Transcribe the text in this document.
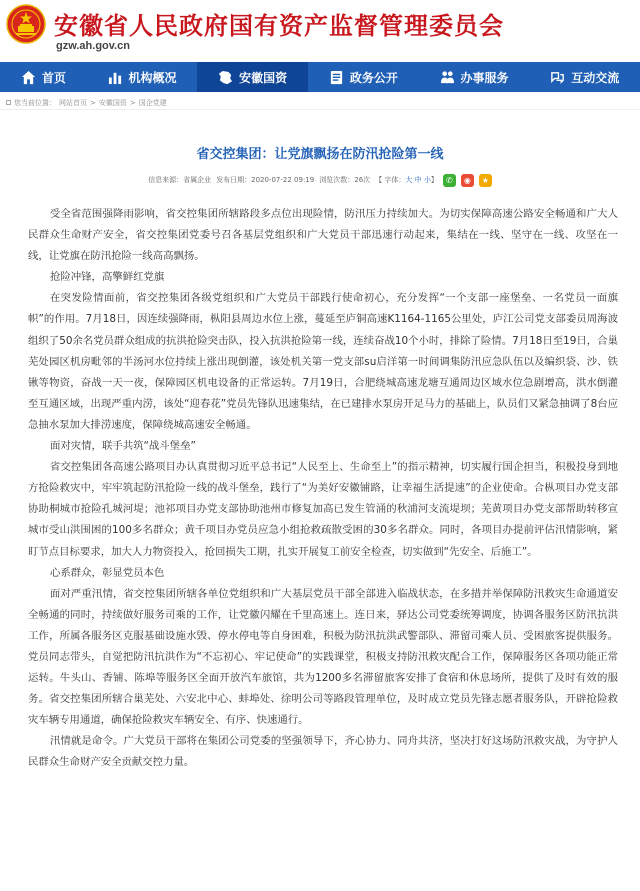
安徽省人民政府国有资产监督管理委员会
gzw.ah.gov.cn
首页	机构概况	安徽国资	政务公开	办事服务	互动交流
您当前位置： 网站首页 > 安徽国资 > 国企党建
省交控集团：让党旗飘扬在防汛抢险第一线
信息来源：省属企业 发布日期：2020-07-22 09:19 浏览次数：26次 【 字体：大 中 小】	✆	◉	★

受全省范围强降雨影响，省交控集团所辖路段多点位出现险情，防汛压力持续加大。为切实保障高速公路安全畅通和广大人民群众生命财产安全，省交控集团党委号召各基层党组织和广大党员干部迅速行动起来，集结在一线、坚守在一线、攻坚在一线，让党旗在防汛抢险一线高高飘扬。

抢险冲锋，高擎鲜红党旗

在突发险情面前，省交控集团各级党组织和广大党员干部践行使命初心，充分发挥“一个支部一座堡垒、一名党员一面旗帜”的作用。7月18日，因连续强降雨，枞阳县周边水位上涨，蔓延至庐铜高速K1164-1165公里处，庐江公司党支部委员周海波组织了50余名党员群众组成的抗洪抢险突击队，投入抗洪抢险第一线，连续奋战10个小时，排除了险情。7月18日至19日，合巢芜处园区机房毗邻的半汤河水位持续上涨出现倒灌，该处机关第一党支部su启洋第一时间调集防汛应急队伍以及编织袋、沙、铁锹等物资，奋战一天一夜，保障园区机电设备的正常运转。7月19日，合肥绕城高速龙塘互通周边区域水位急剧增高，洪水倒灌至互通区域，出现严重内涝，该处“迎春花”党员先锋队迅速集结，在已建排水泵房开足马力的基础上，队员们又紧急抽调了8台应急抽水泵加大排涝速度，保障绕城高速安全畅通。

面对灾情，联手共筑“战斗堡垒”

省交控集团各高速公路项目办认真贯彻习近平总书记“人民至上、生命至上”的指示精神，切实履行国企担当，积极投身到地方抢险救灾中，牢牢筑起防汛抢险一线的战斗堡垒，践行了“为美好安徽铺路，让幸福生活提速”的企业使命。合枞项目办党支部协助桐城市抢险孔城河堤；池祁项目办党支部协助池州市修复加高已发生管涌的秋浦河支流堤坝；芜黄项目办党支部帮助转移宣城市受山洪围困的100多名群众；黄千项目办党员应急小组抢救疏散受困的30多名群众。同时，各项目办提前评估汛情影响，紧盯节点目标要求，加大人力物资投入，抢回损失工期，扎实开展复工前安全检查，切实做到“先安全、后施工”。

心系群众，彰显党员本色

面对严重汛情，省交控集团所辖各单位党组织和广大基层党员干部全部进入临战状态，在多措并举保障防汛救灾生命通道安全畅通的同时，持续做好服务司乘的工作，让党徽闪耀在千里高速上。连日来，驿达公司党委统筹调度，协调各服务区防汛抗洪工作，所属各服务区克服基础设施水毁、停水停电等自身困难，积极为防汛抗洪武警部队、滞留司乘人员、受困旅客提供服务。党员同志带头，自觉把防汛抗洪作为“不忘初心、牢记使命”的实践课堂，积极支持防汛救灾配合工作，保障服务区各项功能正常运转。牛头山、香铺、陈埠等服务区全面开放汽车旅馆，共为1200多名滞留旅客安排了食宿和休息场所，提供了及时有效的服务。省交控集团所辖合巢芜处、六安北中心、蚌埠处、徐明公司等路段管理单位，及时成立党员先锋志愿者服务队，开辟抢险救灾车辆专用通道，确保抢险救灾车辆安全、有序、快速通行。

汛情就是命令。广大党员干部将在集团公司党委的坚强领导下，齐心协力、同舟共济，坚决打好这场防汛救灾战，为守护人民群众生命财产安全贡献交控力量。
